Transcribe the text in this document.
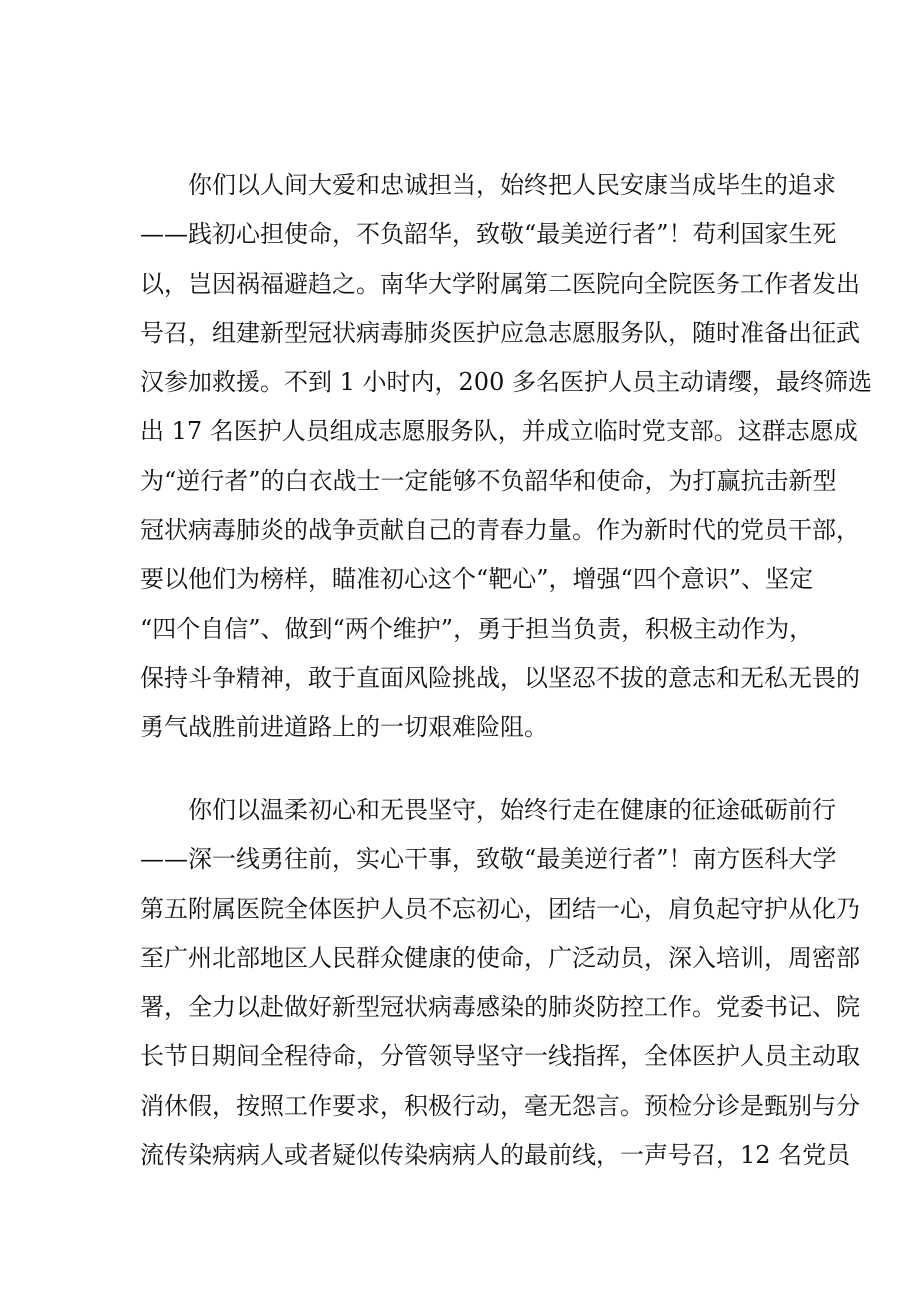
　　你们以人间大爱和忠诚担当，始终把人民安康当成毕生的追求
——践初心担使命，不负韶华，致敬“最美逆行者”！苟利国家生死
以，岂因祸福避趋之。南华大学附属第二医院向全院医务工作者发出
号召，组建新型冠状病毒肺炎医护应急志愿服务队，随时准备出征武
汉参加救援。不到 1 小时内，200 多名医护人员主动请缨，最终筛选
出 17 名医护人员组成志愿服务队，并成立临时党支部。这群志愿成
为“逆行者”的白衣战士一定能够不负韶华和使命，为打赢抗击新型
冠状病毒肺炎的战争贡献自己的青春力量。作为新时代的党员干部，
要以他们为榜样，瞄准初心这个“靶心”，增强“四个意识”、坚定
“四个自信”、做到“两个维护”，勇于担当负责，积极主动作为，
保持斗争精神，敢于直面风险挑战，以坚忍不拔的意志和无私无畏的
勇气战胜前进道路上的一切艰难险阻。
　　你们以温柔初心和无畏坚守，始终行走在健康的征途砥砺前行
——深一线勇往前，实心干事，致敬“最美逆行者”！南方医科大学
第五附属医院全体医护人员不忘初心，团结一心，肩负起守护从化乃
至广州北部地区人民群众健康的使命，广泛动员，深入培训，周密部
署，全力以赴做好新型冠状病毒感染的肺炎防控工作。党委书记、院
长节日期间全程待命，分管领导坚守一线指挥，全体医护人员主动取
消休假，按照工作要求，积极行动，毫无怨言。预检分诊是甄别与分
流传染病病人或者疑似传染病病人的最前线，一声号召，12 名党员
